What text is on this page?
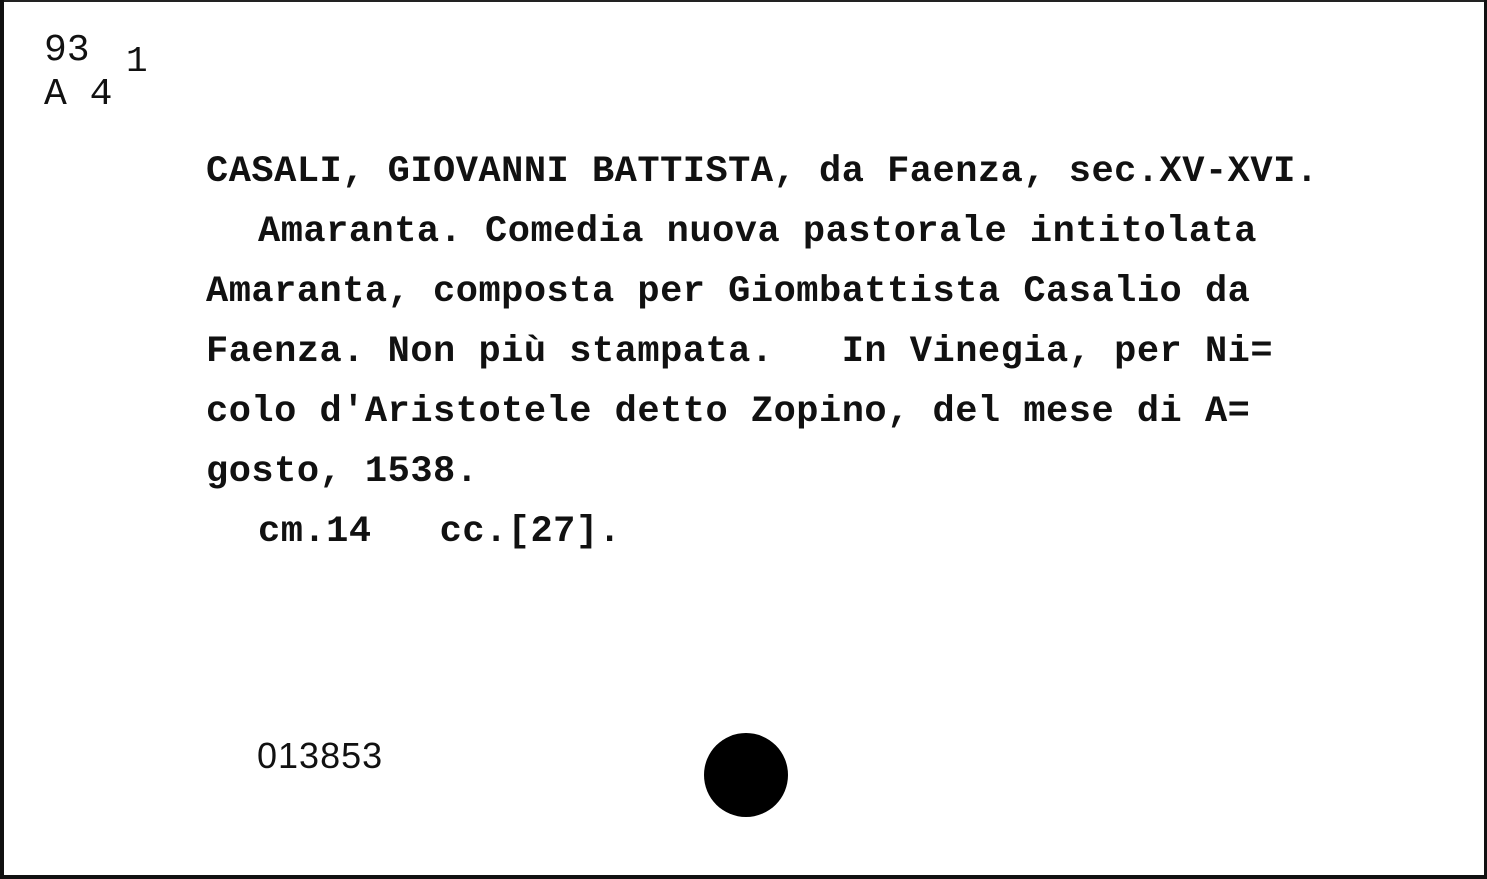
93
A 4
1
CASALI, GIOVANNI BATTISTA, da Faenza, sec.XV-XVI.
Amaranta. Comedia nuova pastorale intitolata
Amaranta, composta per Giombattista Casalio da
Faenza. Non più stampata.   In Vinegia, per Ni=
colo d'Aristotele detto Zopino, del mese di A=
gosto, 1538.
cm.14   cc.[27].
013853
